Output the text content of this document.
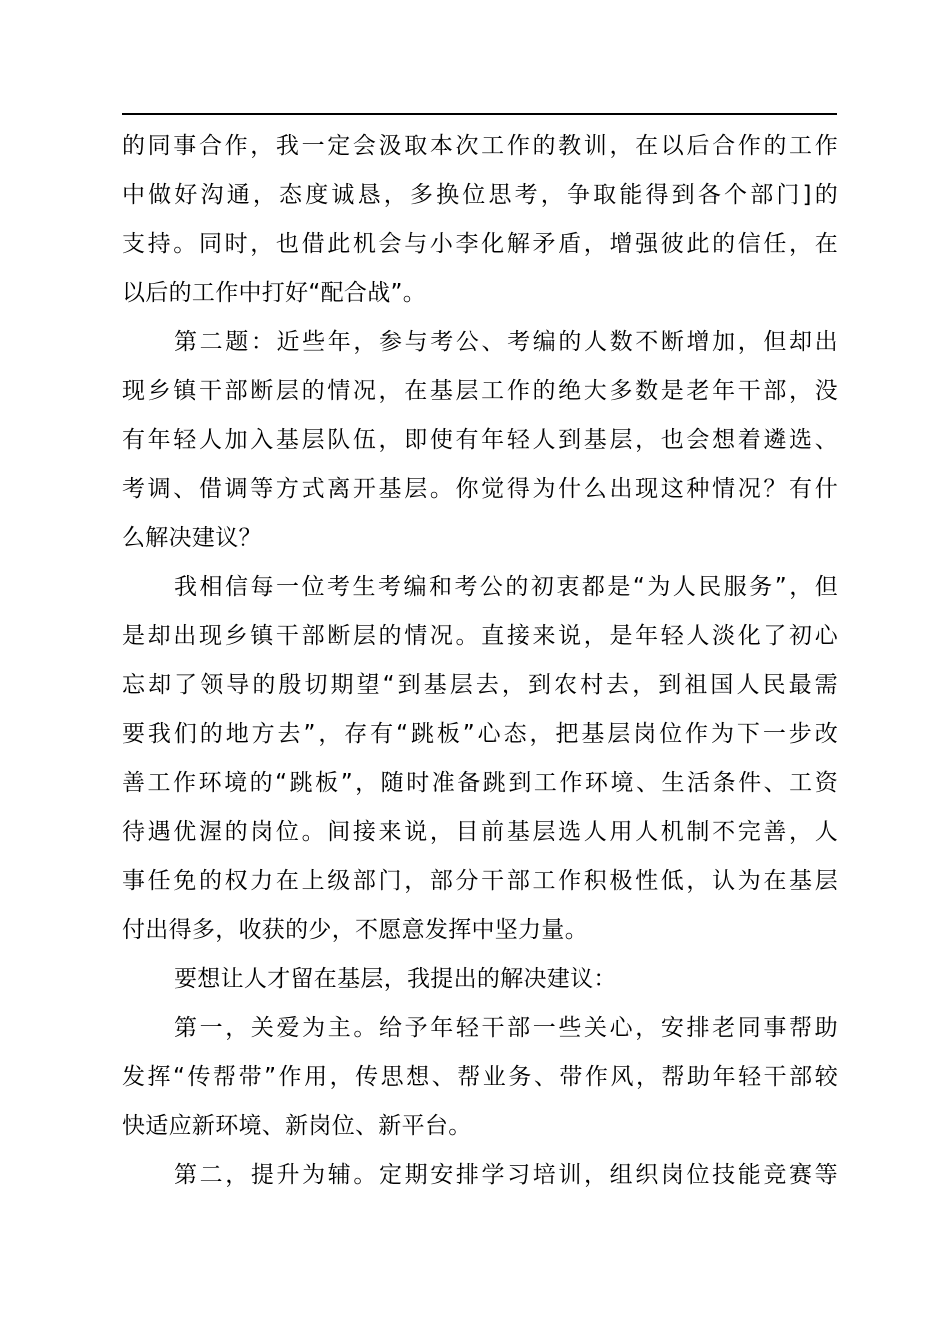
的同事合作，我一定会汲取本次工作的教训，在以后合作的工作
中做好沟通，态度诚恳，多换位思考，争取能得到各个部门]的
支持。同时，也借此机会与小李化解矛盾，增强彼此的信任，在
以后的工作中打好“配合战”。

第二题：近些年，参与考公、考编的人数不断增加，但却出
现乡镇干部断层的情况，在基层工作的绝大多数是老年干部，没
有年轻人加入基层队伍，即使有年轻人到基层，也会想着遴选、
考调、借调等方式离开基层。你觉得为什么出现这种情况？有什
么解决建议？

我相信每一位考生考编和考公的初衷都是“为人民服务”，但
是却出现乡镇干部断层的情况。直接来说，是年轻人淡化了初心
忘却了领导的殷切期望“到基层去，到农村去，到祖国人民最需
要我们的地方去”，存有“跳板”心态，把基层岗位作为下一步改
善工作环境的“跳板”，随时准备跳到工作环境、生活条件、工资
待遇优渥的岗位。间接来说，目前基层选人用人机制不完善，人
事任免的权力在上级部门，部分干部工作积极性低，认为在基层
付出得多，收获的少，不愿意发挥中坚力量。

要想让人才留在基层，我提出的解决建议：

第一，关爱为主。给予年轻干部一些关心，安排老同事帮助
发挥“传帮带”作用，传思想、帮业务、带作风，帮助年轻干部较
快适应新环境、新岗位、新平台。

第二，提升为辅。定期安排学习培训，组织岗位技能竞赛等
